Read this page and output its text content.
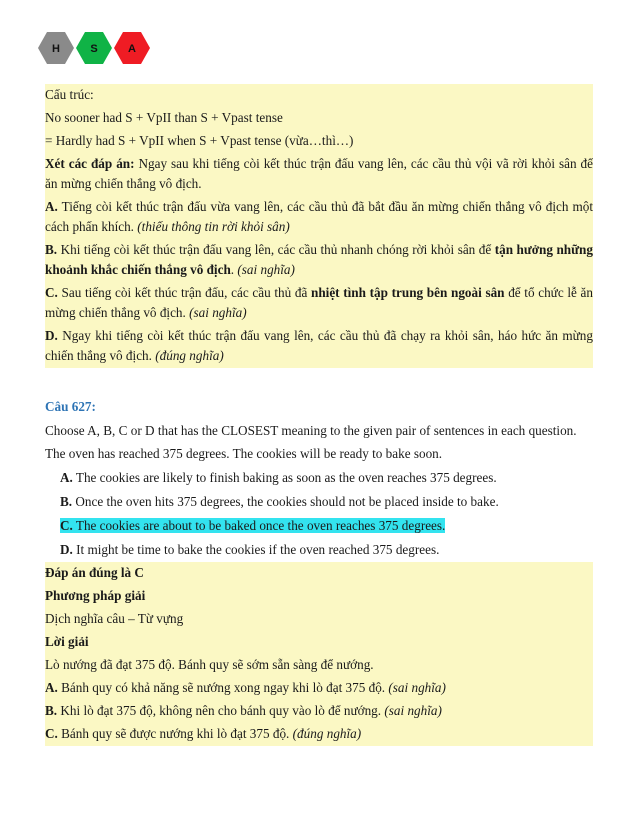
H	S	A

Cấu trúc:

No sooner had S + VpII than S + Vpast tense

= Hardly had S + VpII when S + Vpast tense (vừa…thì…)

Xét các đáp án: Ngay sau khi tiếng còi kết thúc trận đấu vang lên, các cầu thủ vội vã rời khỏi sân để ăn mừng chiến thắng vô địch.

A. Tiếng còi kết thúc trận đấu vừa vang lên, các cầu thủ đã bắt đầu ăn mừng chiến thắng vô địch một cách phấn khích. (thiếu thông tin rời khỏi sân)

B. Khi tiếng còi kết thúc trận đấu vang lên, các cầu thủ nhanh chóng rời khỏi sân để tận hưởng những khoảnh khắc chiến thắng vô địch. (sai nghĩa)

C. Sau tiếng còi kết thúc trận đấu, các cầu thủ đã nhiệt tình tập trung bên ngoài sân để tổ chức lễ ăn mừng chiến thắng vô địch. (sai nghĩa)

D. Ngay khi tiếng còi kết thúc trận đấu vang lên, các cầu thủ đã chạy ra khỏi sân, háo hức ăn mừng chiến thắng vô địch. (đúng nghĩa)

Câu 627:

Choose A, B, C or D that has the CLOSEST meaning to the given pair of sentences in each question.

The oven has reached 375 degrees. The cookies will be ready to bake soon.

A. The cookies are likely to finish baking as soon as the oven reaches 375 degrees.

B. Once the oven hits 375 degrees, the cookies should not be placed inside to bake.

C. The cookies are about to be baked once the oven reaches 375 degrees.

D. It might be time to bake the cookies if the oven reached 375 degrees.

Đáp án đúng là C

Phương pháp giải

Dịch nghĩa câu – Từ vựng

Lời giải

Lò nướng đã đạt 375 độ. Bánh quy sẽ sớm sẵn sàng để nướng.

A. Bánh quy có khả năng sẽ nướng xong ngay khi lò đạt 375 độ. (sai nghĩa)

B. Khi lò đạt 375 độ, không nên cho bánh quy vào lò để nướng. (sai nghĩa)

C. Bánh quy sẽ được nướng khi lò đạt 375 độ. (đúng nghĩa)
